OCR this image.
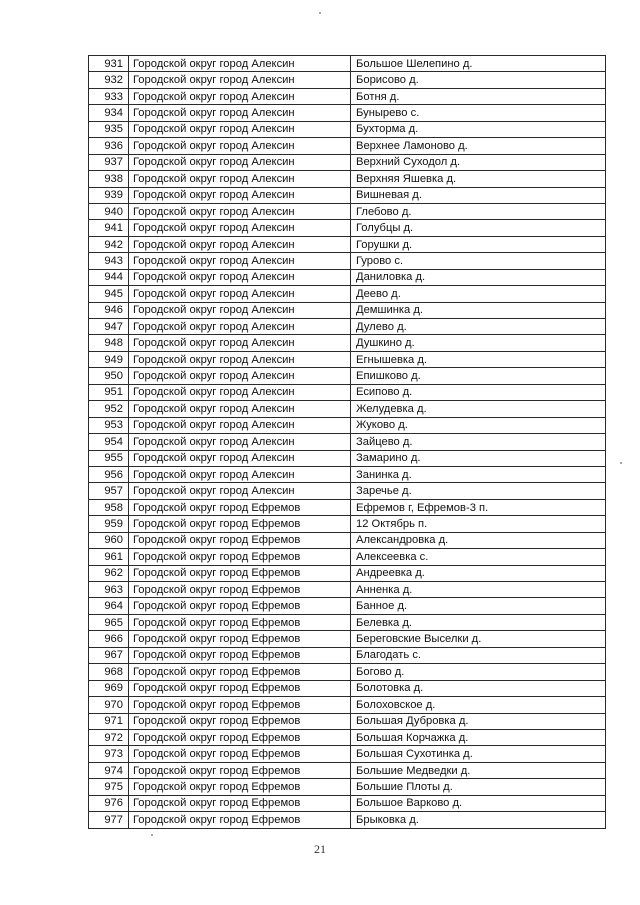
931	Городской округ город Алексин	Большое Шелепино д.
932	Городской округ город Алексин	Борисово д.
933	Городской округ город Алексин	Ботня д.
934	Городской округ город Алексин	Буныревo с.
935	Городской округ город Алексин	Бухторма д.
936	Городской округ город Алексин	Верхнее Ламоново д.
937	Городской округ город Алексин	Верхний Суходол д.
938	Городской округ город Алексин	Верхняя Яшевка д.
939	Городской округ город Алексин	Вишневая д.
940	Городской округ город Алексин	Глебово д.
941	Городской округ город Алексин	Голубцы д.
942	Городской округ город Алексин	Горушки д.
943	Городской округ город Алексин	Гурово с.
944	Городской округ город Алексин	Даниловка д.
945	Городской округ город Алексин	Деево д.
946	Городской округ город Алексин	Демшинка д.
947	Городской округ город Алексин	Дулево д.
948	Городской округ город Алексин	Душкино д.
949	Городской округ город Алексин	Егнышевка д.
950	Городской округ город Алексин	Епишково д.
951	Городской округ город Алексин	Есипово д.
952	Городской округ город Алексин	Желудевка д.
953	Городской округ город Алексин	Жуково д.
954	Городской округ город Алексин	Зайцево д.
955	Городской округ город Алексин	Замарино д.
956	Городской округ город Алексин	Занинка д.
957	Городской округ город Алексин	Заречье д.
958	Городской округ город Ефремов	Ефремов г, Ефремов-3 п.
959	Городской округ город Ефремов	12 Октябрь п.
960	Городской округ город Ефремов	Александровка д.
961	Городской округ город Ефремов	Алексеевка с.
962	Городской округ город Ефремов	Андреевка д.
963	Городской округ город Ефремов	Анненка д.
964	Городской округ город Ефремов	Банное д.
965	Городской округ город Ефремов	Белевка д.
966	Городской округ город Ефремов	Береговские Выселки д.
967	Городской округ город Ефремов	Благодать с.
968	Городской округ город Ефремов	Богово д.
969	Городской округ город Ефремов	Болотовка д.
970	Городской округ город Ефремов	Болоховское д.
971	Городской округ город Ефремов	Большая Дубровка д.
972	Городской округ город Ефремов	Большая Корчажка д.
973	Городской округ город Ефремов	Большая Сухотинка д.
974	Городской округ город Ефремов	Большие Медведки д.
975	Городской округ город Ефремов	Большие Плоты д.
976	Городской округ город Ефремов	Большое Варково д.
977	Городской округ город Ефремов	Брыковка д.
21
